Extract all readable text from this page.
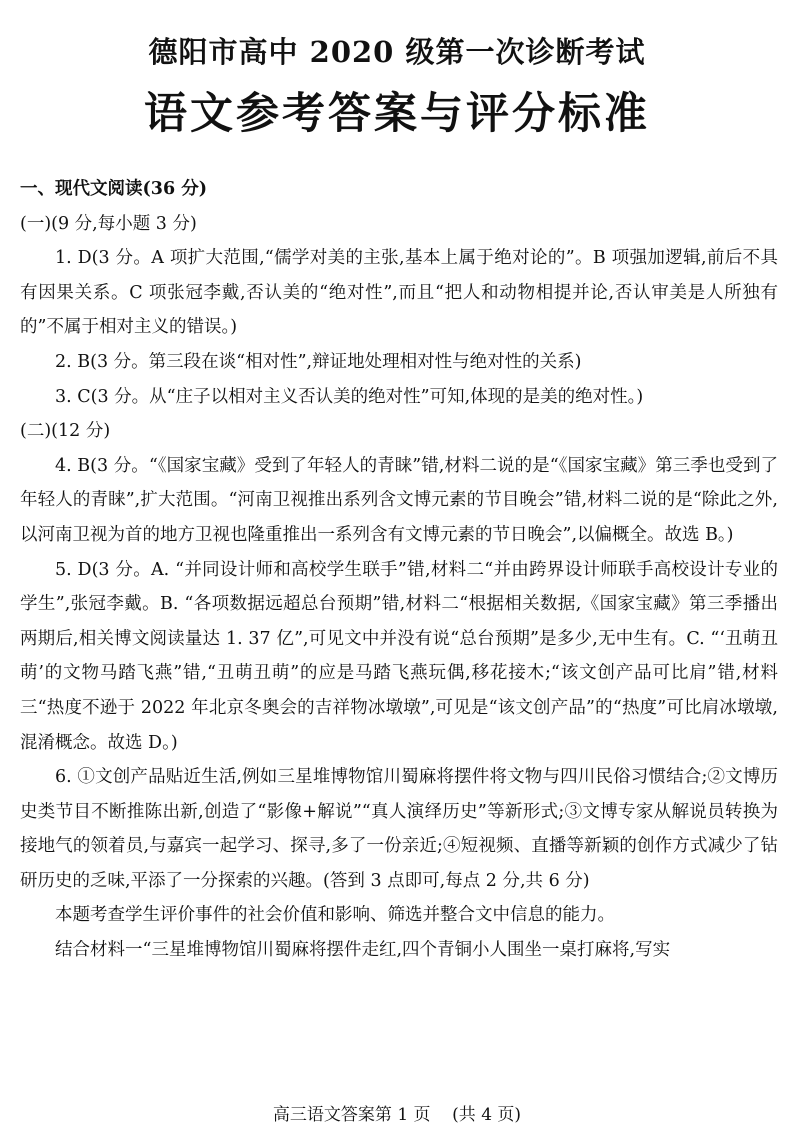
德阳市高中 2020 级第一次诊断考试
语文参考答案与评分标准

一、现代文阅读(36 分)

(一)(9 分,每小题 3 分)

1. D(3 分。A 项扩大范围,“儒学对美的主张,基本上属于绝对论的”。B 项强加逻辑,前后不具有因果关系。C 项张冠李戴,否认美的“绝对性”,而且“把人和动物相提并论,否认审美是人所独有的”不属于相对主义的错误。)

2. B(3 分。第三段在谈“相对性”,辩证地处理相对性与绝对性的关系)

3. C(3 分。从“庄子以相对主义否认美的绝对性”可知,体现的是美的绝对性。)

(二)(12 分)

4. B(3 分。“《国家宝藏》受到了年轻人的青睐”错,材料二说的是“《国家宝藏》第三季也受到了年轻人的青睐”,扩大范围。“河南卫视推出系列含文博元素的节目晚会”错,材料二说的是“除此之外,以河南卫视为首的地方卫视也隆重推出一系列含有文博元素的节日晚会”,以偏概全。故选 B。)

5. D(3 分。A. “并同设计师和高校学生联手”错,材料二“并由跨界设计师联手高校设计专业的学生”,张冠李戴。B. “各项数据远超总台预期”错,材料二“根据相关数据,《国家宝藏》第三季播出两期后,相关博文阅读量达 1. 37 亿”,可见文中并没有说“总台预期”是多少,无中生有。C. “‘丑萌丑萌’的文物马踏飞燕”错,“丑萌丑萌”的应是马踏飞燕玩偶,移花接木;“该文创产品可比肩”错,材料三“热度不逊于 2022 年北京冬奥会的吉祥物冰墩墩”,可见是“该文创产品”的“热度”可比肩冰墩墩,混淆概念。故选 D。)

6. ①文创产品贴近生活,例如三星堆博物馆川蜀麻将摆件将文物与四川民俗习惯结合;②文博历史类节目不断推陈出新,创造了“影像+解说”“真人演绎历史”等新形式;③文博专家从解说员转换为接地气的领着员,与嘉宾一起学习、探寻,多了一份亲近;④短视频、直播等新颖的创作方式减少了钻研历史的乏味,平添了一分探索的兴趣。(答到 3 点即可,每点 2 分,共 6 分)

本题考查学生评价事件的社会价值和影响、筛选并整合文中信息的能力。

结合材料一“三星堆博物馆川蜀麻将摆件走红,四个青铜小人围坐一桌打麻将,写实

高三语文答案第 1 页    (共 4 页)
